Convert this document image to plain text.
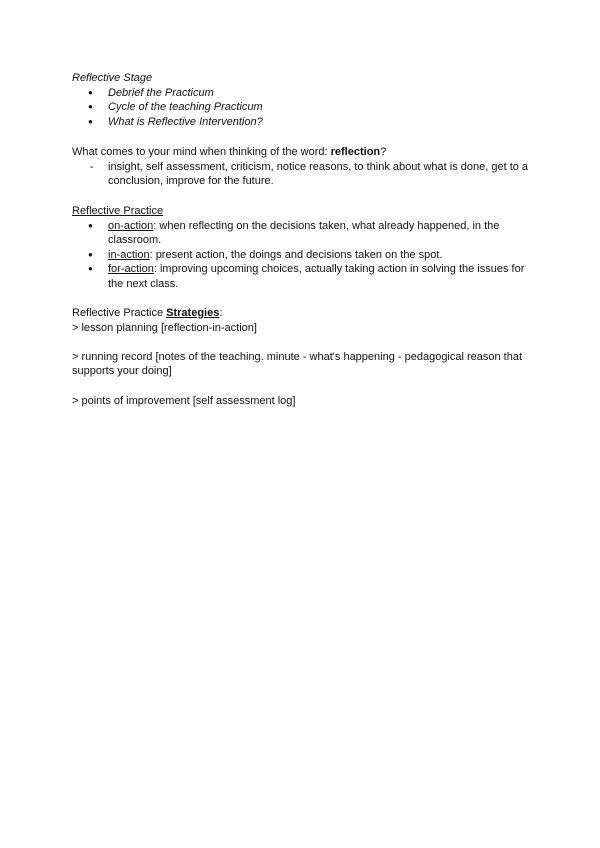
Reflective Stage

● Debrief the Practicum
● Cycle of the teaching Practicum
● What is Reflective Intervention?

What comes to your mind when thinking of the word: reflection?

- insight, self assessment, criticism, notice reasons, to think about what is done, get to a conclusion, improve for the future.

Reflective Practice

● on-action: when reflecting on the decisions taken, what already happened, in the classroom.
● in-action: present action, the doings and decisions taken on the spot.
● for-action: improving upcoming choices, actually taking action in solving the issues for the next class.

Reflective Practice Strategies:

> lesson planning [reflection-in-action]

> running record [notes of the teaching. minute - what's happening - pedagogical reason that supports your doing]

> points of improvement [self assessment log]
